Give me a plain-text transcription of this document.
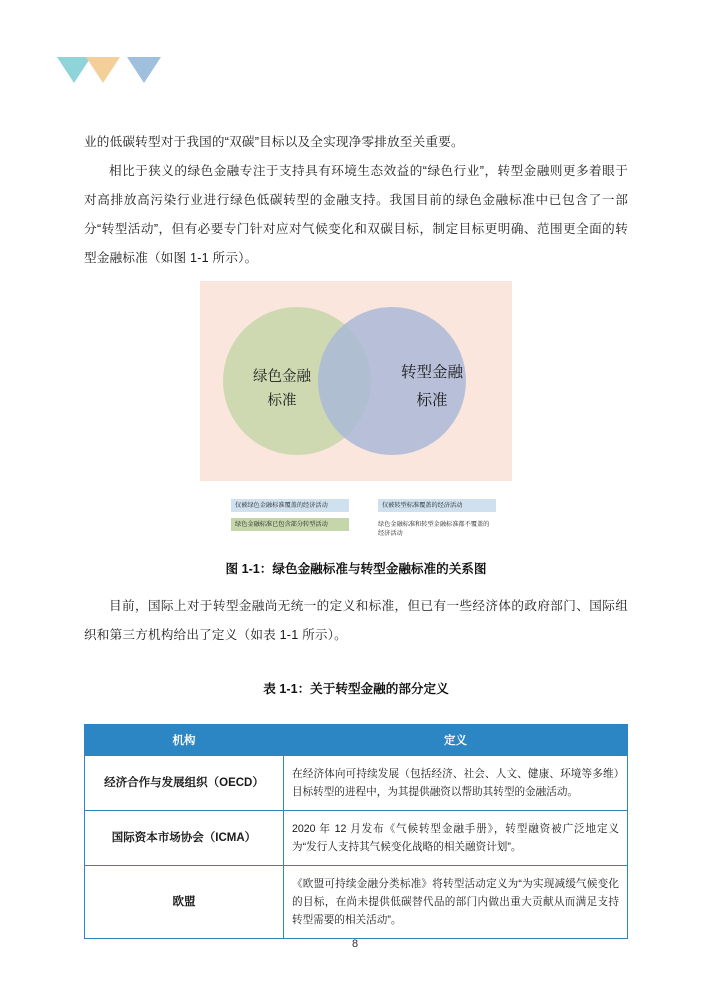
业的低碳转型对于我国的“双碳”目标以及全实现净零排放至关重要。

相比于狭义的绿色金融专注于支持具有环境生态效益的“绿色行业”，转型金融则更多着眼于对高排放高污染行业进行绿色低碳转型的金融支持。我国目前的绿色金融标准中已包含了一部分“转型活动”，但有必要专门针对应对气候变化和双碳目标，制定目标更明确、范围更全面的转型金融标准（如图 1-1 所示）。

绿色金融
标准
转型金融
标准
仅被绿色金融标准覆盖的经济活动
绿色金融标准已包含部分转型活动
仅被转型标准覆盖的经济活动
绿色金融标准和转型金融标准都不覆盖的经济活动
图 1-1：绿色金融标准与转型金融标准的关系图

目前，国际上对于转型金融尚无统一的定义和标准，但已有一些经济体的政府部门、国际组织和第三方机构给出了定义（如表 1-1 所示）。

表 1-1：关于转型金融的部分定义
机构	定义
经济合作与发展组织（OECD）	在经济体向可持续发展（包括经济、社会、人文、健康、环境等多维）目标转型的进程中，为其提供融资以帮助其转型的金融活动。
国际资本市场协会（ICMA）	2020 年 12 月发布《气候转型金融手册》，转型融资被广泛地定义为“发行人支持其气候变化战略的相关融资计划”。
欧盟	《欧盟可持续金融分类标准》将转型活动定义为“为实现减缓气候变化的目标，在尚未提供低碳替代品的部门内做出重大贡献从而满足支持转型需要的相关活动”。
8
